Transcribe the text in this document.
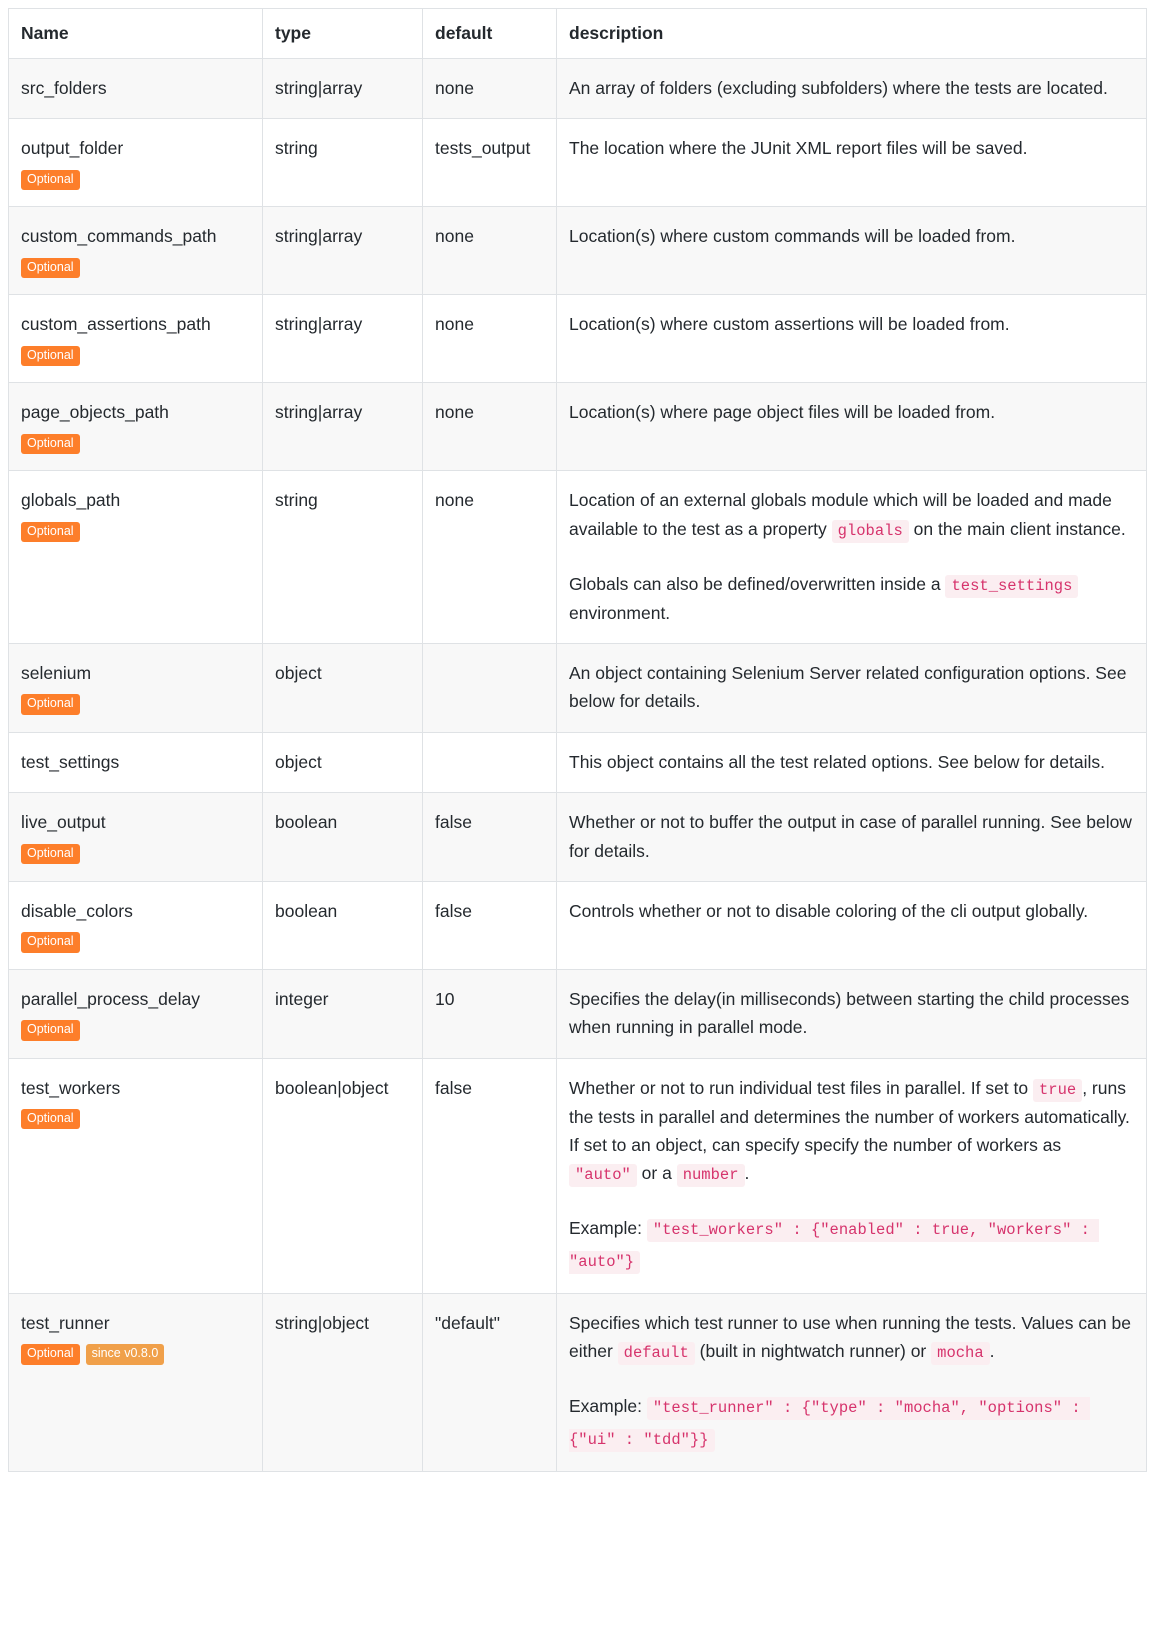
Name	type	default	description

src_folders	string|array	none	An array of folders (excluding subfolders) where the tests are located.

output_folder
Optional	string	tests_output	The location where the JUnit XML report files will be saved.

custom_commands_path
Optional	string|array	none	Location(s) where custom commands will be loaded from.

custom_assertions_path
Optional	string|array	none	Location(s) where custom assertions will be loaded from.

page_objects_path
Optional	string|array	none	Location(s) where page object files will be loaded from.

globals_path
Optional
	string	none	Location of an external globals module which will be loaded and made available to the test as a property globals on the main client instance.

Globals can also be defined/overwritten inside a test_settings environment.

selenium
Optional	object		An object containing Selenium Server related configuration options. See below for details.

test_settings	object		This object contains all the test related options. See below for details.

live_output
Optional	boolean	false	Whether or not to buffer the output in case of parallel running. See below for details.

disable_colors
Optional	boolean	false	Controls whether or not to disable coloring of the cli output globally.

parallel_process_delay
Optional	integer	10	Specifies the delay(in milliseconds) between starting the child processes when running in parallel mode.

test_workers
Optional
	boolean|object	false	Whether or not to run individual test files in parallel. If set to true , runs the tests in parallel and determines the number of workers automatically.
If set to an object, can specify specify the number of workers as "auto" or a number .

Example: "test_workers" : {"enabled" : true, "workers" : "auto"}

test_runner
Optional since v0.8.0
	string|object	"default"	Specifies which test runner to use when running the tests. Values can be either default (built in nightwatch runner) or mocha .

Example: "test_runner" : {"type" : "mocha", "options" : {"ui" : "tdd"}}
